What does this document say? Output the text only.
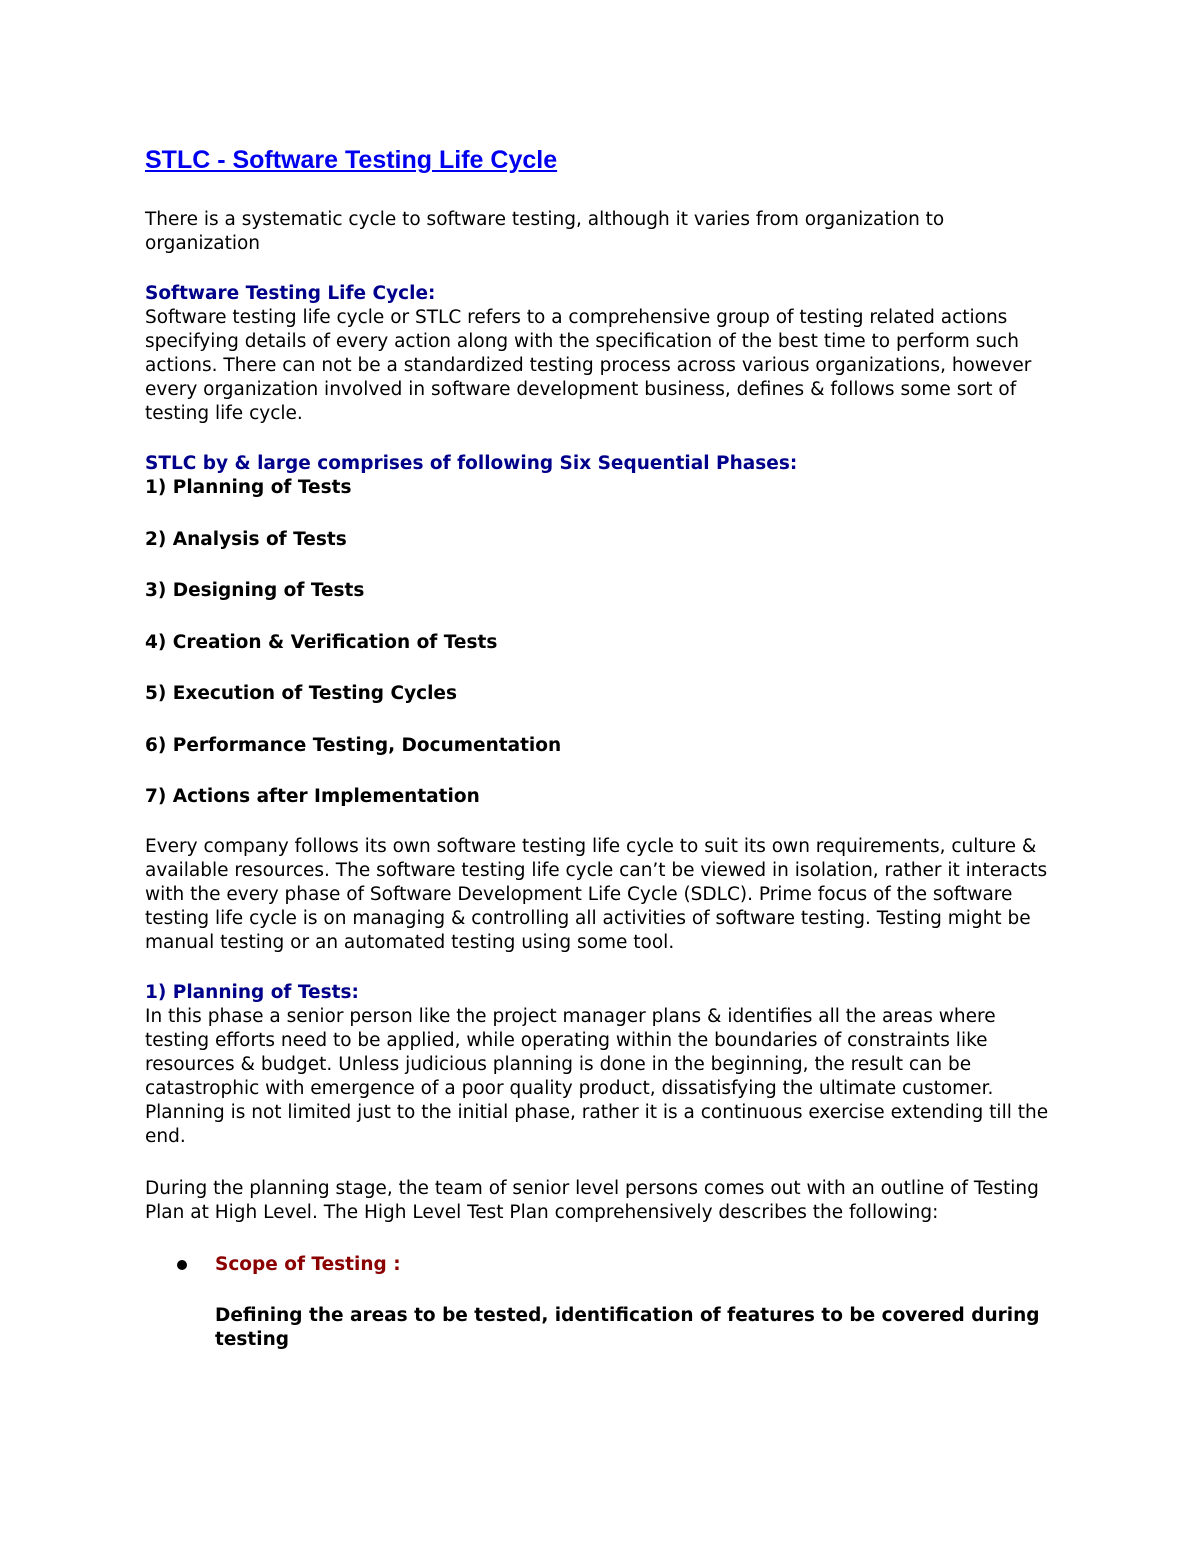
STLC - Software Testing Life Cycle

There is a systematic cycle to software testing, although it varies from organization to organization

Software Testing Life Cycle:

Software testing life cycle or STLC refers to a comprehensive group of testing related actions specifying details of every action along with the specification of the best time to perform such actions. There can not be a standardized testing process across various organizations, however every organization involved in software development business, defines & follows some sort of testing life cycle.

STLC by & large comprises of following Six Sequential Phases:

1) Planning of Tests

2) Analysis of Tests

3) Designing of Tests

4) Creation & Verification of Tests

5) Execution of Testing Cycles

6) Performance Testing, Documentation

7) Actions after Implementation

Every company follows its own software testing life cycle to suit its own requirements, culture & available resources. The software testing life cycle can’t be viewed in isolation, rather it interacts with the every phase of Software Development Life Cycle (SDLC). Prime focus of the software testing life cycle is on managing & controlling all activities of software testing. Testing might be manual testing or an automated testing using some tool.

1) Planning of Tests:

In this phase a senior person like the project manager plans & identifies all the areas where testing efforts need to be applied, while operating within the boundaries of constraints like resources & budget. Unless judicious planning is done in the beginning, the result can be catastrophic with emergence of a poor quality product, dissatisfying the ultimate customer. Planning is not limited just to the initial phase, rather it is a continuous exercise extending till the end.

During the planning stage, the team of senior level persons comes out with an outline of Testing Plan at High Level. The High Level Test Plan comprehensively describes the following:

Scope of Testing :
Defining the areas to be tested, identification of features to be covered during testing
